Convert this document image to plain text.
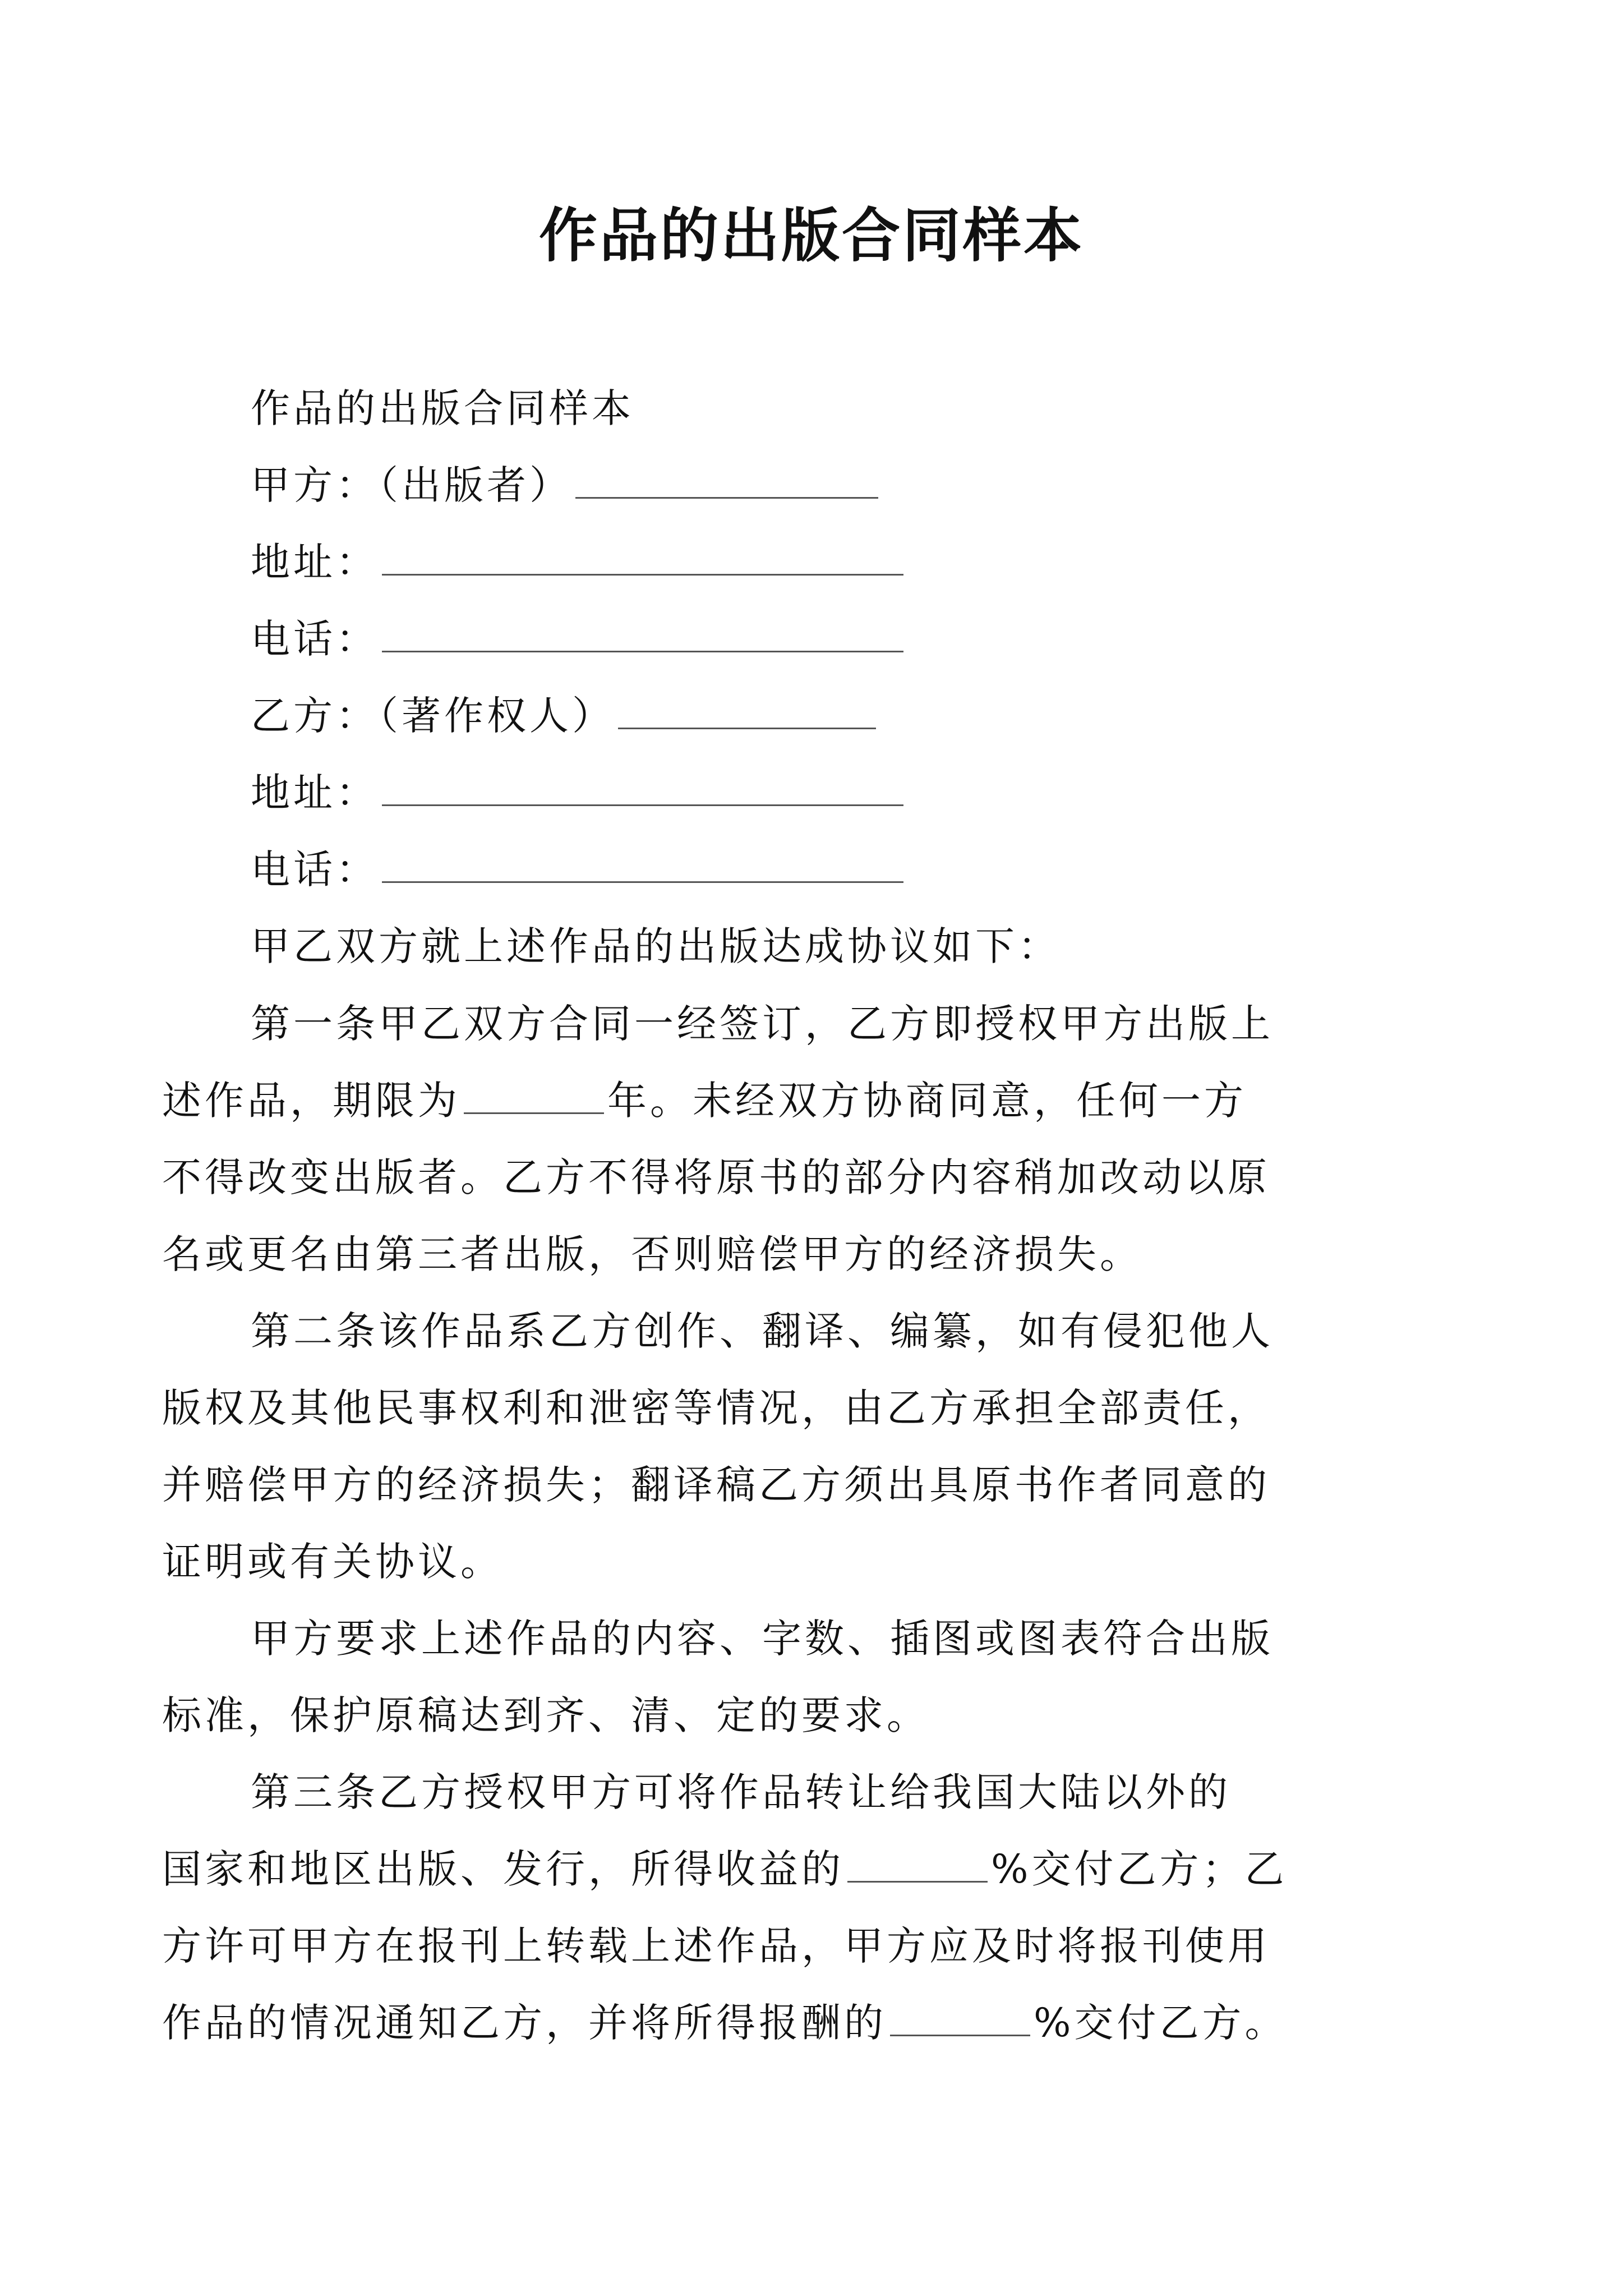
作品的出版合同样本
作品的出版合同样本
甲方：（出版者）
地址：
电话：
乙方：（著作权人）
地址：
电话：
甲乙双方就上述作品的出版达成协议如下：
第一条甲乙双方合同一经签订，乙方即授权甲方出版上
述作品，期限为	年。未经双方协商同意，任何一方
不得改变出版者。乙方不得将原书的部分内容稍加改动以原
名或更名由第三者出版，否则赔偿甲方的经济损失。
第二条该作品系乙方创作、翻译、编纂，如有侵犯他人
版权及其他民事权利和泄密等情况，由乙方承担全部责任，
并赔偿甲方的经济损失；翻译稿乙方须出具原书作者同意的
证明或有关协议。
甲方要求上述作品的内容、字数、插图或图表符合出版
标准，保护原稿达到齐、清、定的要求。
第三条乙方授权甲方可将作品转让给我国大陆以外的
国家和地区出版、发行，所得收益的	%交付乙方；乙
方许可甲方在报刊上转载上述作品，甲方应及时将报刊使用
作品的情况通知乙方，并将所得报酬的	%交付乙方。
